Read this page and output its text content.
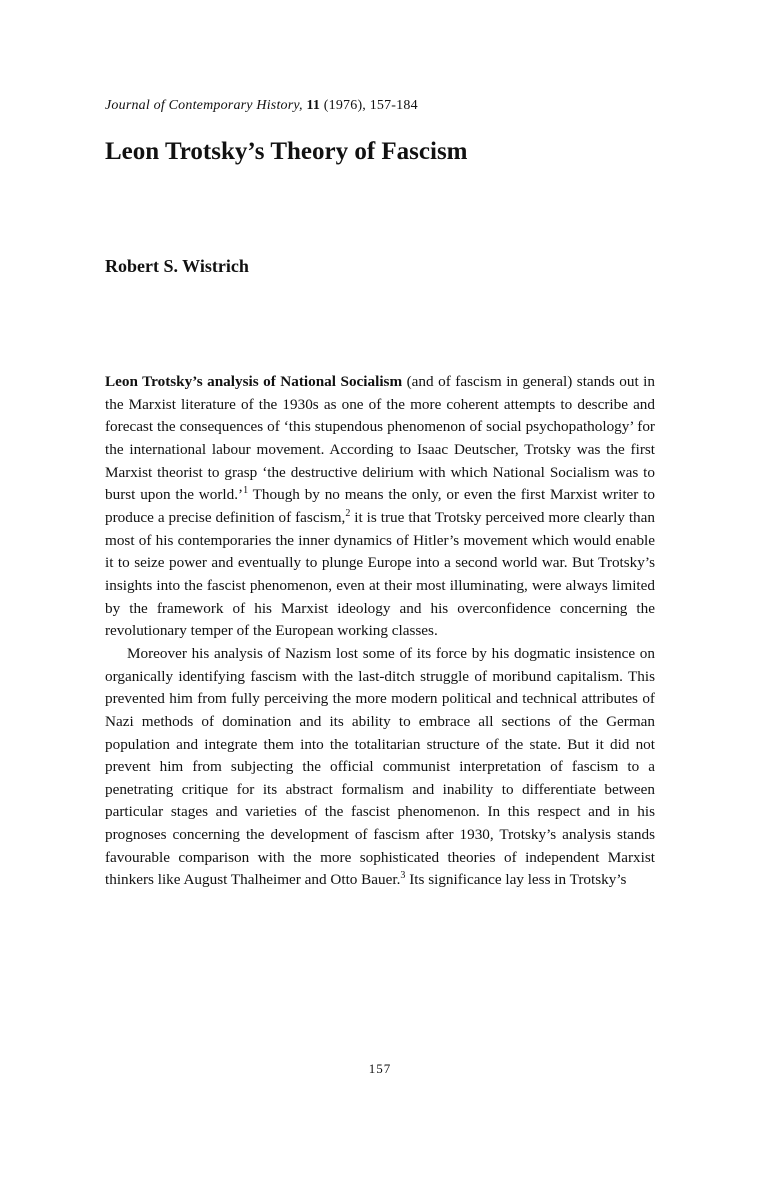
Journal of Contemporary History, 11 (1976), 157-184
Leon Trotsky’s Theory of Fascism
Robert S. Wistrich

Leon Trotsky’s analysis of National Socialism (and of fascism in general) stands out in the Marxist literature of the 1930s as one of the more coherent attempts to describe and forecast the consequences of ‘this stupendous phenomenon of social psychopathology’ for the international labour movement. According to Isaac Deutscher, Trotsky was the first Marxist theorist to grasp ‘the destructive delirium with which National Socialism was to burst upon the world.’$^1$ Though by no means the only, or even the first Marxist writer to produce a precise definition of fascism,$^2$ it is true that Trotsky perceived more clearly than most of his contemporaries the inner dynamics of Hitler’s movement which would enable it to seize power and eventually to plunge Europe into a second world war. But Trotsky’s insights into the fascist phenomenon, even at their most illuminating, were always limited by the framework of his Marxist ideology and his overconfidence concerning the revolutionary temper of the European working classes.

Moreover his analysis of Nazism lost some of its force by his dogmatic insistence on organically identifying fascism with the last-ditch struggle of moribund capitalism. This prevented him from fully perceiving the more modern political and technical attributes of Nazi methods of domination and its ability to embrace all sections of the German population and integrate them into the totalitarian structure of the state. But it did not prevent him from subjecting the official communist interpretation of fascism to a penetrating critique for its abstract formalism and inability to differentiate between particular stages and varieties of the fascist phenomenon. In this respect and in his prognoses concerning the development of fascism after 1930, Trotsky’s analysis stands favourable comparison with the more sophisticated theories of independent Marxist thinkers like August Thalheimer and Otto Bauer.$^3$ Its significance lay less in Trotsky’s

157
